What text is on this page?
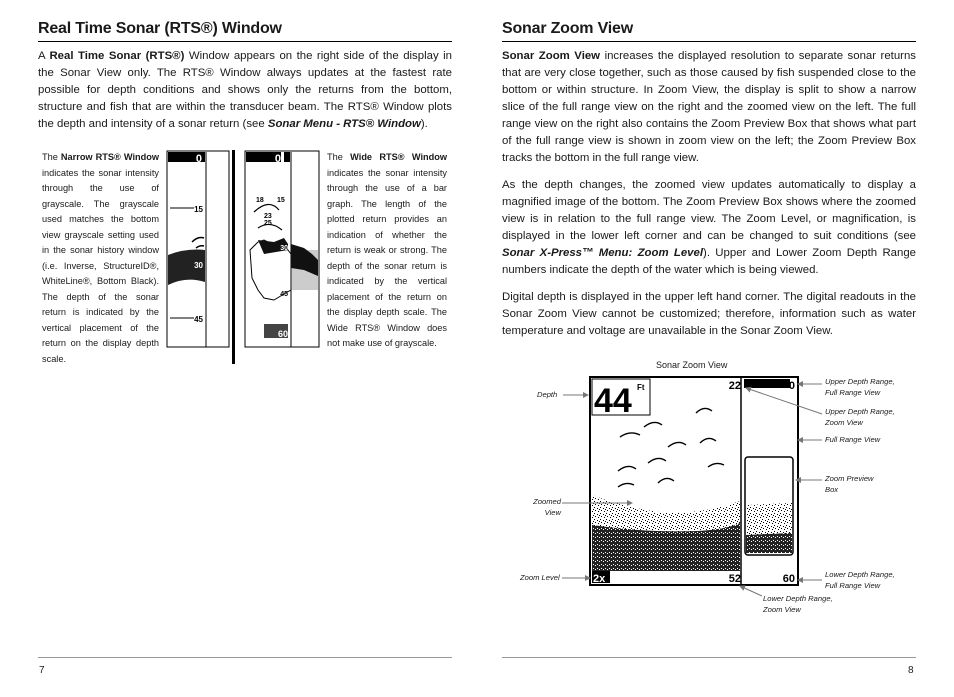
Real Time Sonar (RTS®) Window

A Real Time Sonar (RTS®) Window appears on the right side of the display in the Sonar View only. The RTS® Window always updates at the fastest rate possible for depth conditions and shows only the returns from the bottom, structure and fish that are within the transducer beam. The RTS® Window plots the depth and intensity of a sonar return (see Sonar Menu - RTS® Window).

The Narrow RTS® Window indicates the sonar intensity through the use of grayscale. The grayscale used matches the bottom view grayscale setting used in the sonar history window (i.e. Inverse, StructureID®, WhiteLine®, Bottom Black). The depth of the sonar return is indicated by the vertical placement of the return on the display depth scale.
The Wide RTS® Window indicates the sonar intensity through the use of a bar graph. The length of the plotted return provides an indication of whether the return is weak or strong. The depth of the sonar return is indicated by the vertical placement of the return on the display depth scale. The Wide RTS® Window does not make use of grayscale.
0
15
30
45
0
18 15
23
25
30
45
60
Sonar Zoom View

Sonar Zoom View increases the displayed resolution to separate sonar returns that are very close together, such as those caused by fish suspended close to the bottom or within structure. In Zoom View, the display is split to show a narrow slice of the full range view on the right and the zoomed view on the left. The full range view on the right also contains the Zoom Preview Box that shows what part of the full range view is shown in zoom view on the left; the Zoom Preview Box tracks the bottom in the full range view.

As the depth changes, the zoomed view updates automatically to display a magnified image of the bottom. The Zoom Preview Box shows where the zoomed view is in relation to the full range view. The Zoom Level, or magnification, is displayed in the lower left corner and can be changed to suit conditions (see Sonar X-Press™ Menu: Zoom Level). Upper and Lower Zoom Depth Range numbers indicate the depth of the water which is being viewed.

Digital depth is displayed in the upper left hand corner. The digital readouts in the Sonar Zoom View cannot be customized; therefore, information such as water temperature and voltage are unavailable in the Sonar Zoom View.

Sonar Zoom View
44 Ft	22	0
2x	52	60
Depth
Zoomed View
Zoom Level
Upper Depth Range, Full Range View
Upper Depth Range, Zoom View
Full Range View
Zoom Preview Box
Lower Depth Range, Full Range View
Lower Depth Range, Zoom View
7	8
